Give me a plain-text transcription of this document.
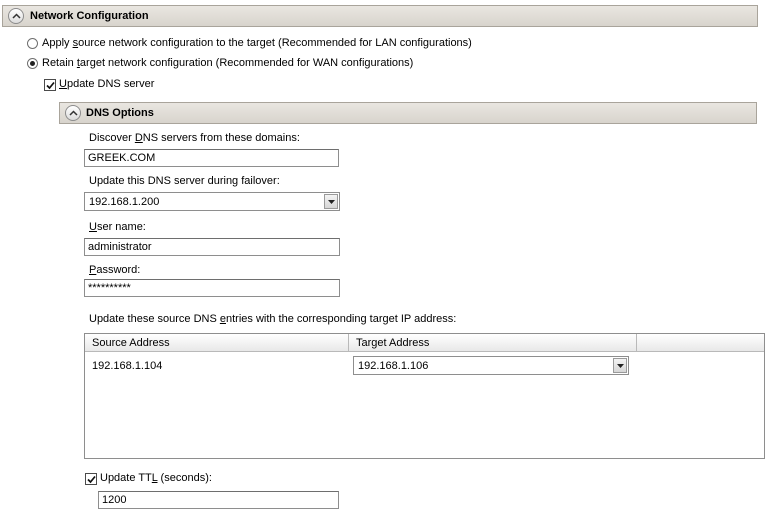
Network Configuration
Apply source network configuration to the target (Recommended for LAN configurations)
Retain target network configuration (Recommended for WAN configurations)
Update DNS server
DNS Options
Discover DNS servers from these domains:
GREEK.COM
Update this DNS server during failover:
192.168.1.200
User name:
administrator
Password:
**********
Update these source DNS entries with the corresponding target IP address:
Source Address	Target Address
192.168.1.104	192.168.1.106
Update TTL (seconds):
1200
